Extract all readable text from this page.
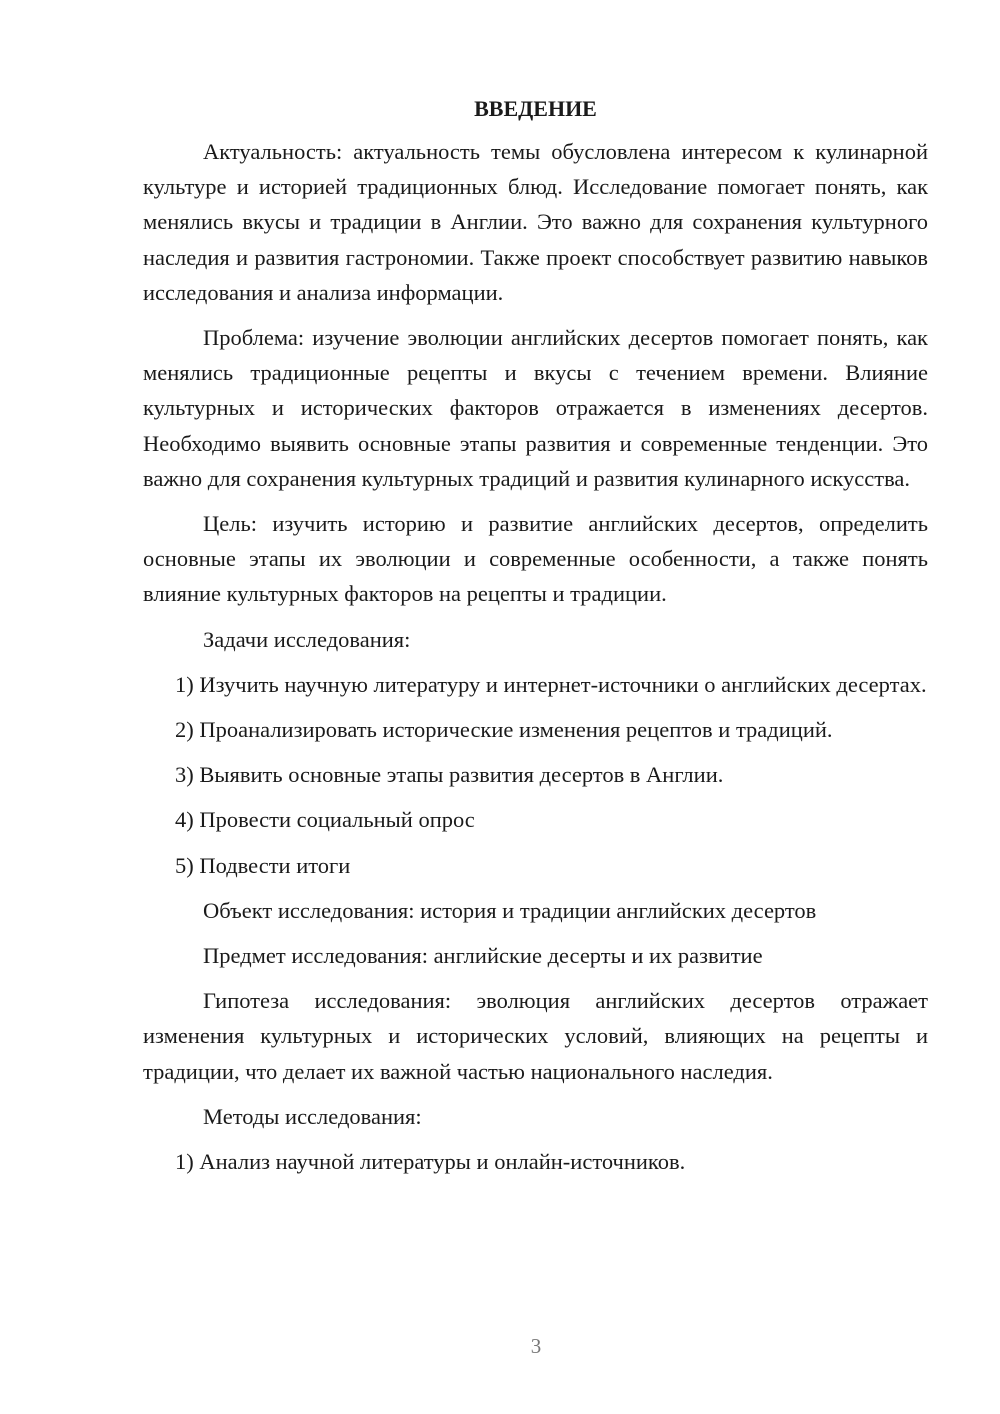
ВВЕДЕНИЕ

Актуальность: актуальность темы обусловлена интересом к кулинарной культуре и историей традиционных блюд. Исследование помогает понять, как менялись вкусы и традиции в Англии. Это важно для сохранения культурного наследия и развития гастрономии. Также проект способствует развитию навыков исследования и анализа информации.

Проблема: изучение эволюции английских десертов помогает понять, как менялись традиционные рецепты и вкусы с течением времени. Влияние культурных и исторических факторов отражается в изменениях десертов. Необходимо выявить основные этапы развития и современные тенденции. Это важно для сохранения культурных традиций и развития кулинарного искусства.

Цель: изучить историю и развитие английских десертов, определить основные этапы их эволюции и современные особенности, а также понять влияние культурных факторов на рецепты и традиции.

Задачи исследования:

1) Изучить научную литературу и интернет-источники о английских десертах.

2) Проанализировать исторические изменения рецептов и традиций.

3) Выявить основные этапы развития десертов в Англии.

4) Провести социальный опрос

5) Подвести итоги

Объект исследования: история и традиции английских десертов

Предмет исследования: английские десерты и их развитие

Гипотеза исследования: эволюция английских десертов отражает изменения культурных и исторических условий, влияющих на рецепты и традиции, что делает их важной частью национального наследия.

Методы исследования:

1) Анализ научной литературы и онлайн-источников.

3
